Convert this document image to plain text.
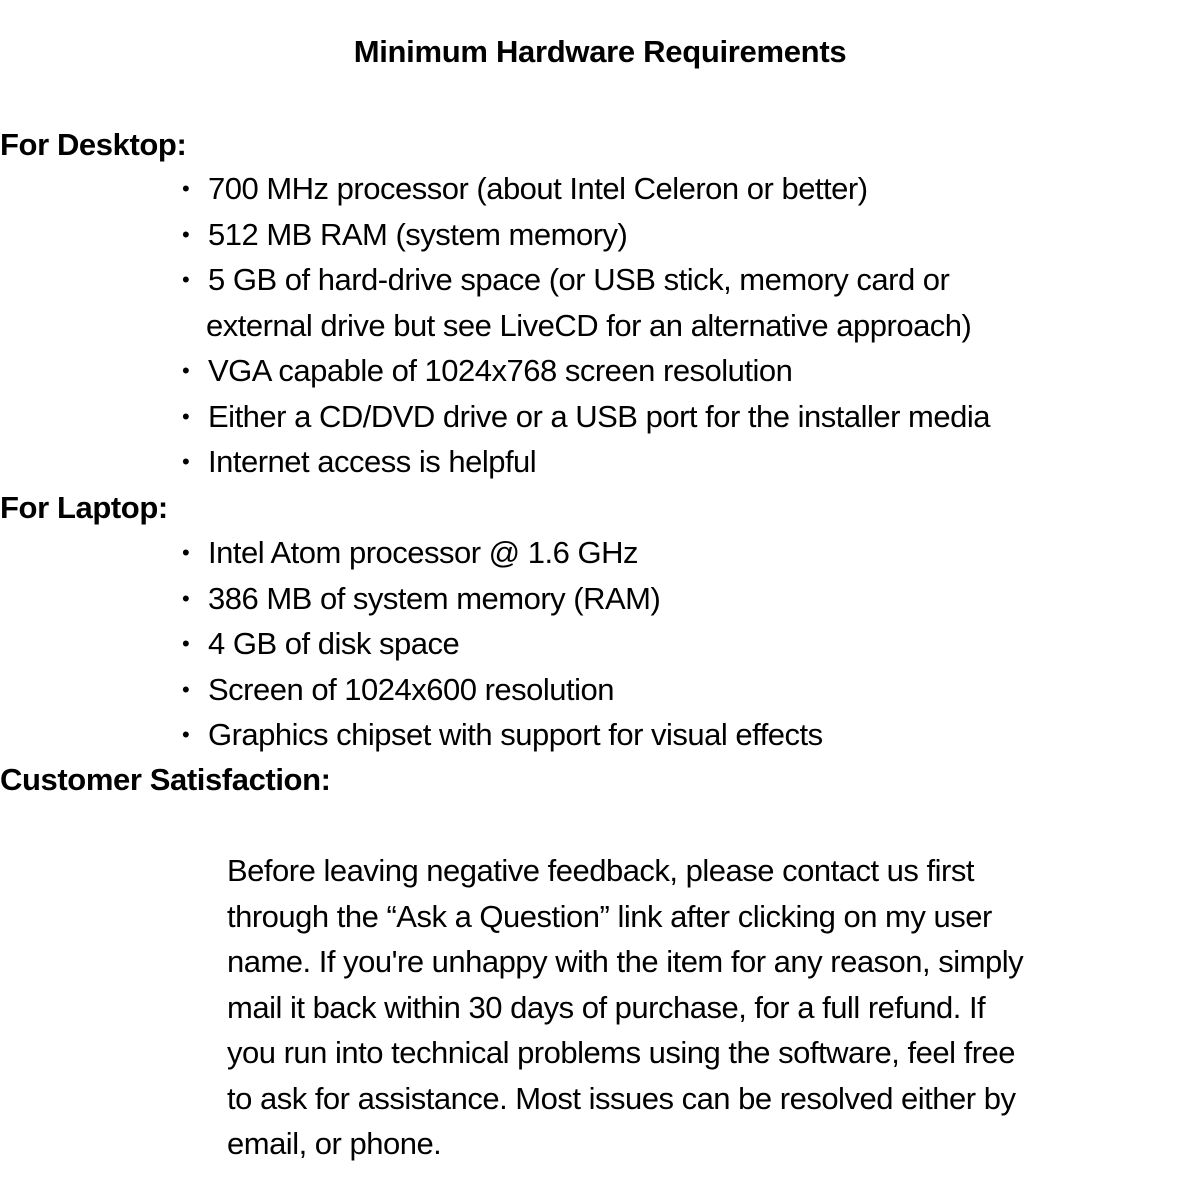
Minimum Hardware Requirements
For Desktop:
• 700 MHz processor (about Intel Celeron or better)
• 512 MB RAM (system memory)
• 5 GB of hard-drive space (or USB stick, memory card or
external drive but see LiveCD for an alternative approach)
• VGA capable of 1024x768 screen resolution
• Either a CD/DVD drive or a USB port for the installer media
• Internet access is helpful
For Laptop:
• Intel Atom processor @ 1.6 GHz
• 386 MB of system memory (RAM)
• 4 GB of disk space
• Screen of 1024x600 resolution
• Graphics chipset with support for visual effects
Customer Satisfaction:
Before leaving negative feedback, please contact us first
through the “Ask a Question” link after clicking on my user
name. If you're unhappy with the item for any reason, simply
mail it back within 30 days of purchase, for a full refund. If
you run into technical problems using the software, feel free
to ask for assistance. Most issues can be resolved either by
email, or phone.
